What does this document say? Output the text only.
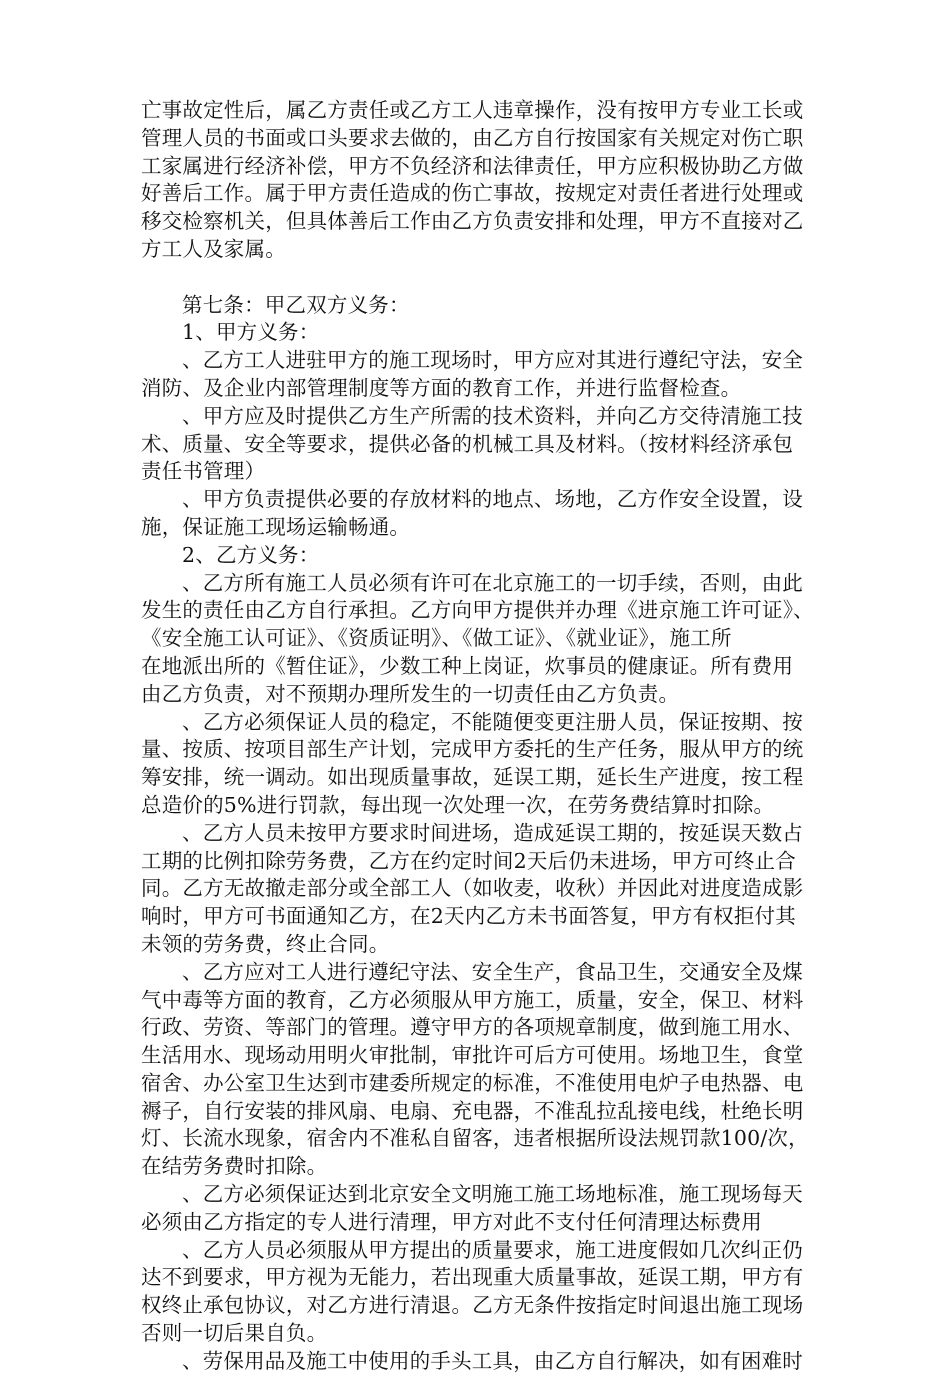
亡事故定性后，属乙方责任或乙方工人违章操作，没有按甲方专业工长或
管理人员的书面或口头要求去做的，由乙方自行按国家有关规定对伤亡职
工家属进行经济补偿，甲方不负经济和法律责任，甲方应积极协助乙方做
好善后工作。属于甲方责任造成的伤亡事故，按规定对责任者进行处理或
移交检察机关，但具体善后工作由乙方负责安排和处理，甲方不直接对乙
方工人及家属。
第七条：甲乙双方义务：
1、甲方义务：
、乙方工人进驻甲方的施工现场时，甲方应对其进行遵纪守法，安全
消防、及企业内部管理制度等方面的教育工作，并进行监督检查。
、甲方应及时提供乙方生产所需的技术资料，并向乙方交待清施工技
术、质量、安全等要求，提供必备的机械工具及材料。（按材料经济承包
责任书管理）
、甲方负责提供必要的存放材料的地点、场地，乙方作安全设置，设
施，保证施工现场运输畅通。
2、乙方义务：
、乙方所有施工人员必须有许可在北京施工的一切手续，否则，由此
发生的责任由乙方自行承担。乙方向甲方提供并办理《进京施工许可证》、
《安全施工认可证》、《资质证明》、《做工证》、《就业证》，施工所
在地派出所的《暂住证》，少数工种上岗证，炊事员的健康证。所有费用
由乙方负责，对不预期办理所发生的一切责任由乙方负责。
、乙方必须保证人员的稳定，不能随便变更注册人员，保证按期、按
量、按质、按项目部生产计划，完成甲方委托的生产任务，服从甲方的统
筹安排，统一调动。如出现质量事故，延误工期，延长生产进度，按工程
总造价的5%进行罚款，每出现一次处理一次，在劳务费结算时扣除。
、乙方人员未按甲方要求时间进场，造成延误工期的，按延误天数占
工期的比例扣除劳务费，乙方在约定时间2天后仍未进场，甲方可终止合
同。乙方无故撤走部分或全部工人（如收麦，收秋）并因此对进度造成影
响时，甲方可书面通知乙方，在2天内乙方未书面答复，甲方有权拒付其
未领的劳务费，终止合同。
、乙方应对工人进行遵纪守法、安全生产，食品卫生，交通安全及煤
气中毒等方面的教育，乙方必须服从甲方施工，质量，安全，保卫、材料
行政、劳资、等部门的管理。遵守甲方的各项规章制度，做到施工用水、
生活用水、现场动用明火审批制，审批许可后方可使用。场地卫生，食堂
宿舍、办公室卫生达到市建委所规定的标准，不准使用电炉子电热器、电
褥子，自行安装的排风扇、电扇、充电器，不准乱拉乱接电线，杜绝长明
灯、长流水现象，宿舍内不准私自留客，违者根据所设法规罚款100/次，
在结劳务费时扣除。
、乙方必须保证达到北京安全文明施工施工场地标准，施工现场每天
必须由乙方指定的专人进行清理，甲方对此不支付任何清理达标费用
、乙方人员必须服从甲方提出的质量要求，施工进度假如几次纠正仍
达不到要求，甲方视为无能力，若出现重大质量事故，延误工期，甲方有
权终止承包协议，对乙方进行清退。乙方无条件按指定时间退出施工现场
否则一切后果自负。
、劳保用品及施工中使用的手头工具，由乙方自行解决，如有困难时
